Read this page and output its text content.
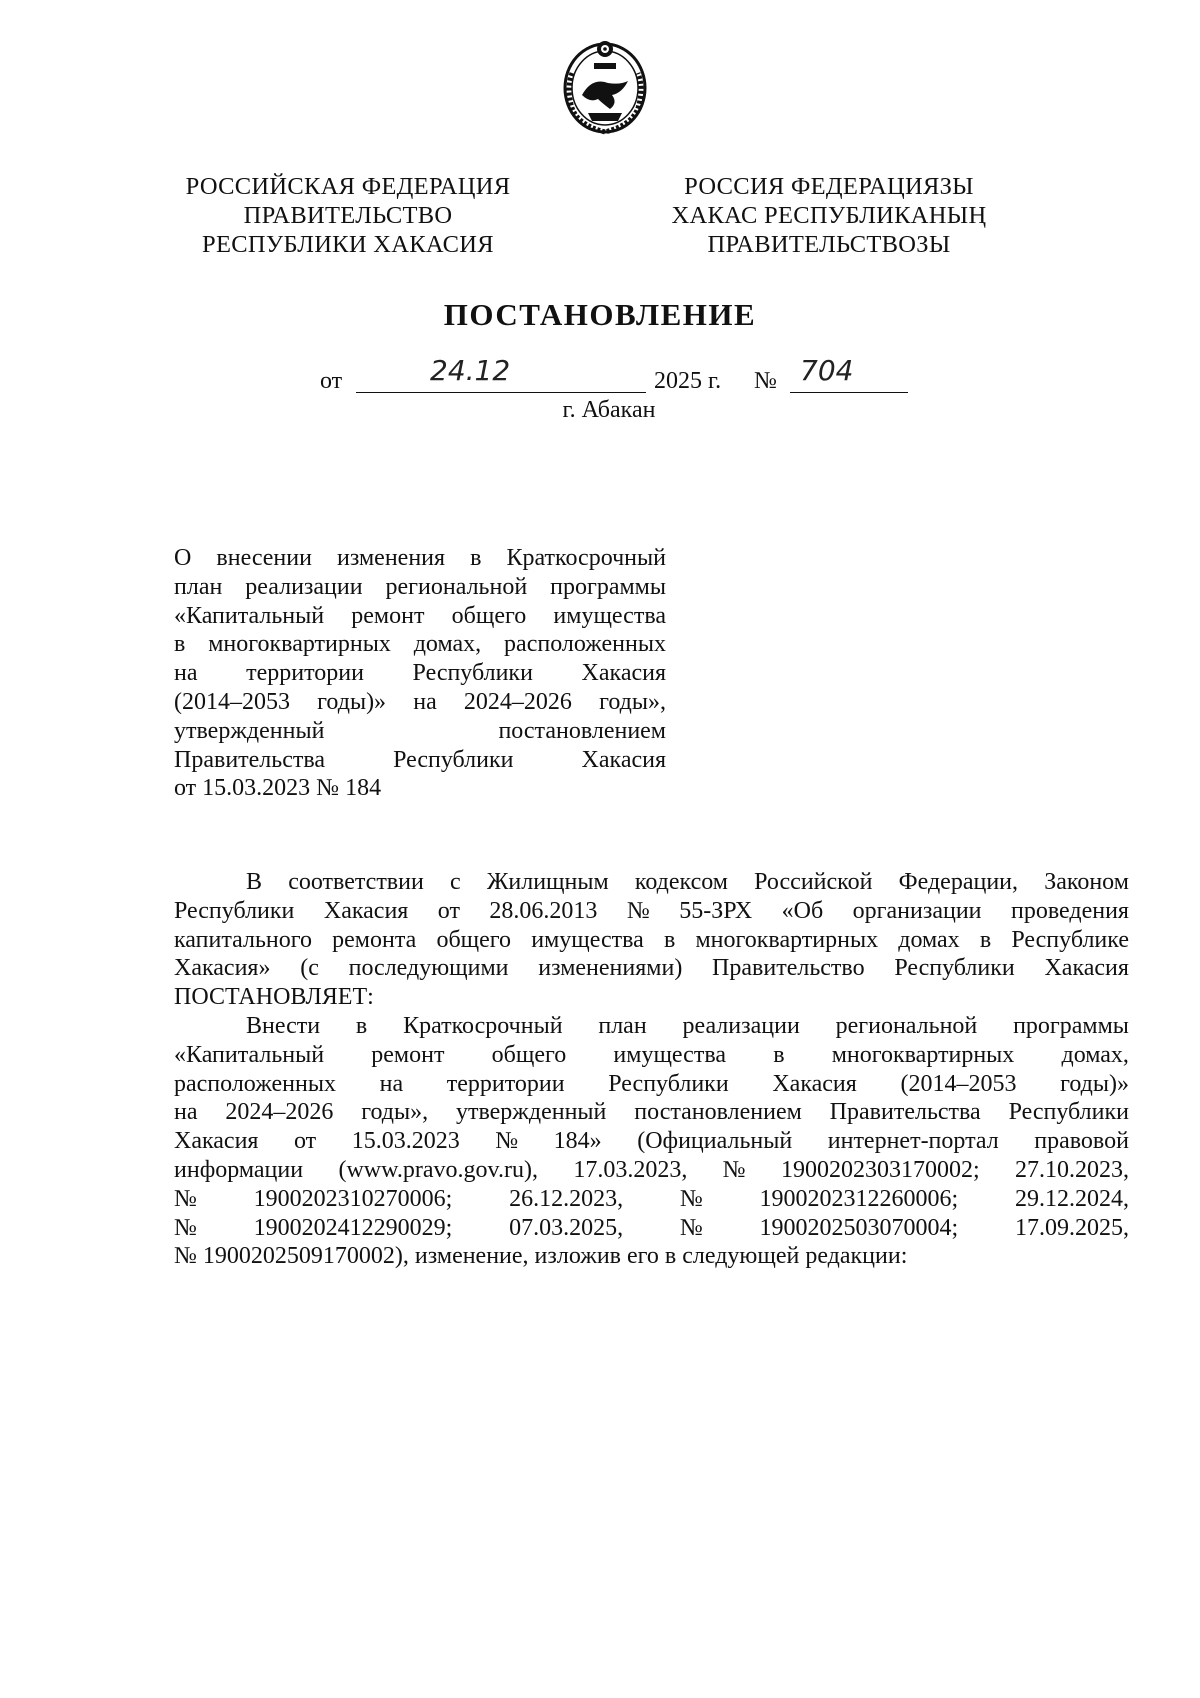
РОССИЙСКАЯ ФЕДЕРАЦИЯ
ПРАВИТЕЛЬСТВО
РЕСПУБЛИКИ ХАКАСИЯ
РОССИЯ ФЕДЕРАЦИЯЗЫ
ХАКАС РЕСПУБЛИКАНЫҢ
ПРАВИТЕЛЬСТВОЗЫ
ПОСТАНОВЛЕНИЕ
от	24.12	2025 г. № 704
г. Абакан
О внесении изменения в Краткосрочный
план реализации региональной программы
«Капитальный ремонт общего имущества
в многоквартирных домах, расположенных
на территории Республики Хакасия
(2014–2053 годы)» на 2024–2026 годы»,
утвержденный	постановлением
Правительства	Республики	Хакасия
от 15.03.2023 № 184
В соответствии с Жилищным кодексом Российской Федерации, Законом
Республики Хакасия от 28.06.2013 № 55-ЗРХ «Об организации проведения
капитального ремонта общего имущества в многоквартирных домах в Республике
Хакасия» (с последующими изменениями) Правительство Республики Хакасия
ПОСТАНОВЛЯЕТ:
Внести в Краткосрочный план реализации региональной программы
«Капитальный ремонт общего имущества в многоквартирных домах,
расположенных на территории Республики Хакасия (2014–2053 годы)»
на 2024–2026 годы», утвержденный постановлением Правительства Республики
Хакасия от 15.03.2023 № 184» (Официальный интернет-портал правовой
информации (www.pravo.gov.ru), 17.03.2023, № 1900202303170002; 27.10.2023,
№ 1900202310270006; 26.12.2023, № 1900202312260006; 29.12.2024,
№ 1900202412290029; 07.03.2025, № 1900202503070004; 17.09.2025,
№ 1900202509170002), изменение, изложив его в следующей редакции:
